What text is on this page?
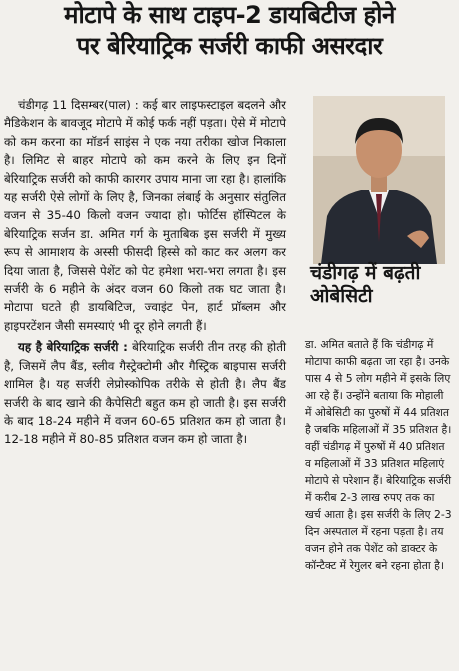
मोटापे के साथ टाइप-2 डायबिटीज होने
पर बेरियाट्रिक सर्जरी काफी असरदार

चंडीगढ़ 11 दिसम्बर(पाल) : कई बार लाइफस्टाइल बदलने और मैडिकेशन के बावजूद मोटापे में कोई फर्क नहीं पड़ता। ऐसे में मोटापे को कम करना का मॉडर्न साइंस ने एक नया तरीका खोज निकाला है। लिमिट से बाहर मोटापे को कम करने के लिए इन दिनों बेरियाट्रिक सर्जरी को काफी कारगर उपाय माना जा रहा है। हालांकि यह सर्जरी ऐसे लोगों के लिए है, जिनका लंबाई के अनुसार संतुलित वजन से 35-40 किलो वजन ज्यादा हो। फोर्टिस हॉस्पिटल के बेरियाट्रिक सर्जन डा. अमित गर्ग के मुताबिक इस सर्जरी में मुख्य रूप से आमाशय के अस्सी फीसदी हिस्से को काट कर अलग कर दिया जाता है, जिससे पेशेंट को पेट हमेशा भरा-भरा लगता है। इस सर्जरी के 6 महीने के अंदर वजन 60 किलो तक घट जाता है। मोटापा घटते ही डायबिटिज, ज्वाइंट पेन, हार्ट प्रॉब्लम और हाइपरटेंशन जैसी समस्याएं भी दूर होने लगती हैं।

यह है बेरियाट्रिक सर्जरी : बेरियाट्रिक सर्जरी तीन तरह की होती है, जिसमें लैप बैंड, स्लीव गैस्ट्रेक्टोमी और गैस्ट्रिक बाइपास सर्जरी शामिल है। यह सर्जरी लेप्रोस्कोपिक तरीके से होती है। लैप बैंड सर्जरी के बाद खाने की कैपेसिटी बहुत कम हो जाती है। इस सर्जरी के बाद 18-24 महीने में वजन 60-65 प्रतिशत कम हो जाता है। 12-18 महीने में 80-85 प्रतिशत वजन कम हो जाता है।

चंडीगढ़ में बढ़ती ओबेसिटी

डा. अमित बताते हैं कि चंडीगढ़ में मोटापा काफी बढ़ता जा रहा है। उनके पास 4 से 5 लोग महीने में इसके लिए आ रहे हैं। उन्होंने बताया कि मोहाली में ओबेसिटी का पुरुषों में 44 प्रतिशत है जबकि महिलाओं में 35 प्रतिशत है। वहीं चंडीगढ़ में पुरुषों में 40 प्रतिशत व महिलाओं में 33 प्रतिशत महिलाएं मोटापे से परेशान हैं। बेरियाट्रिक सर्जरी में करीब 2-3 लाख रुपए तक का खर्च आता है। इस सर्जरी के लिए 2-3 दिन अस्पताल में रहना पड़ता है। तय वजन होने तक पेशेंट को डाक्टर के कॉन्टैक्ट में रेगुलर बने रहना होता है।
